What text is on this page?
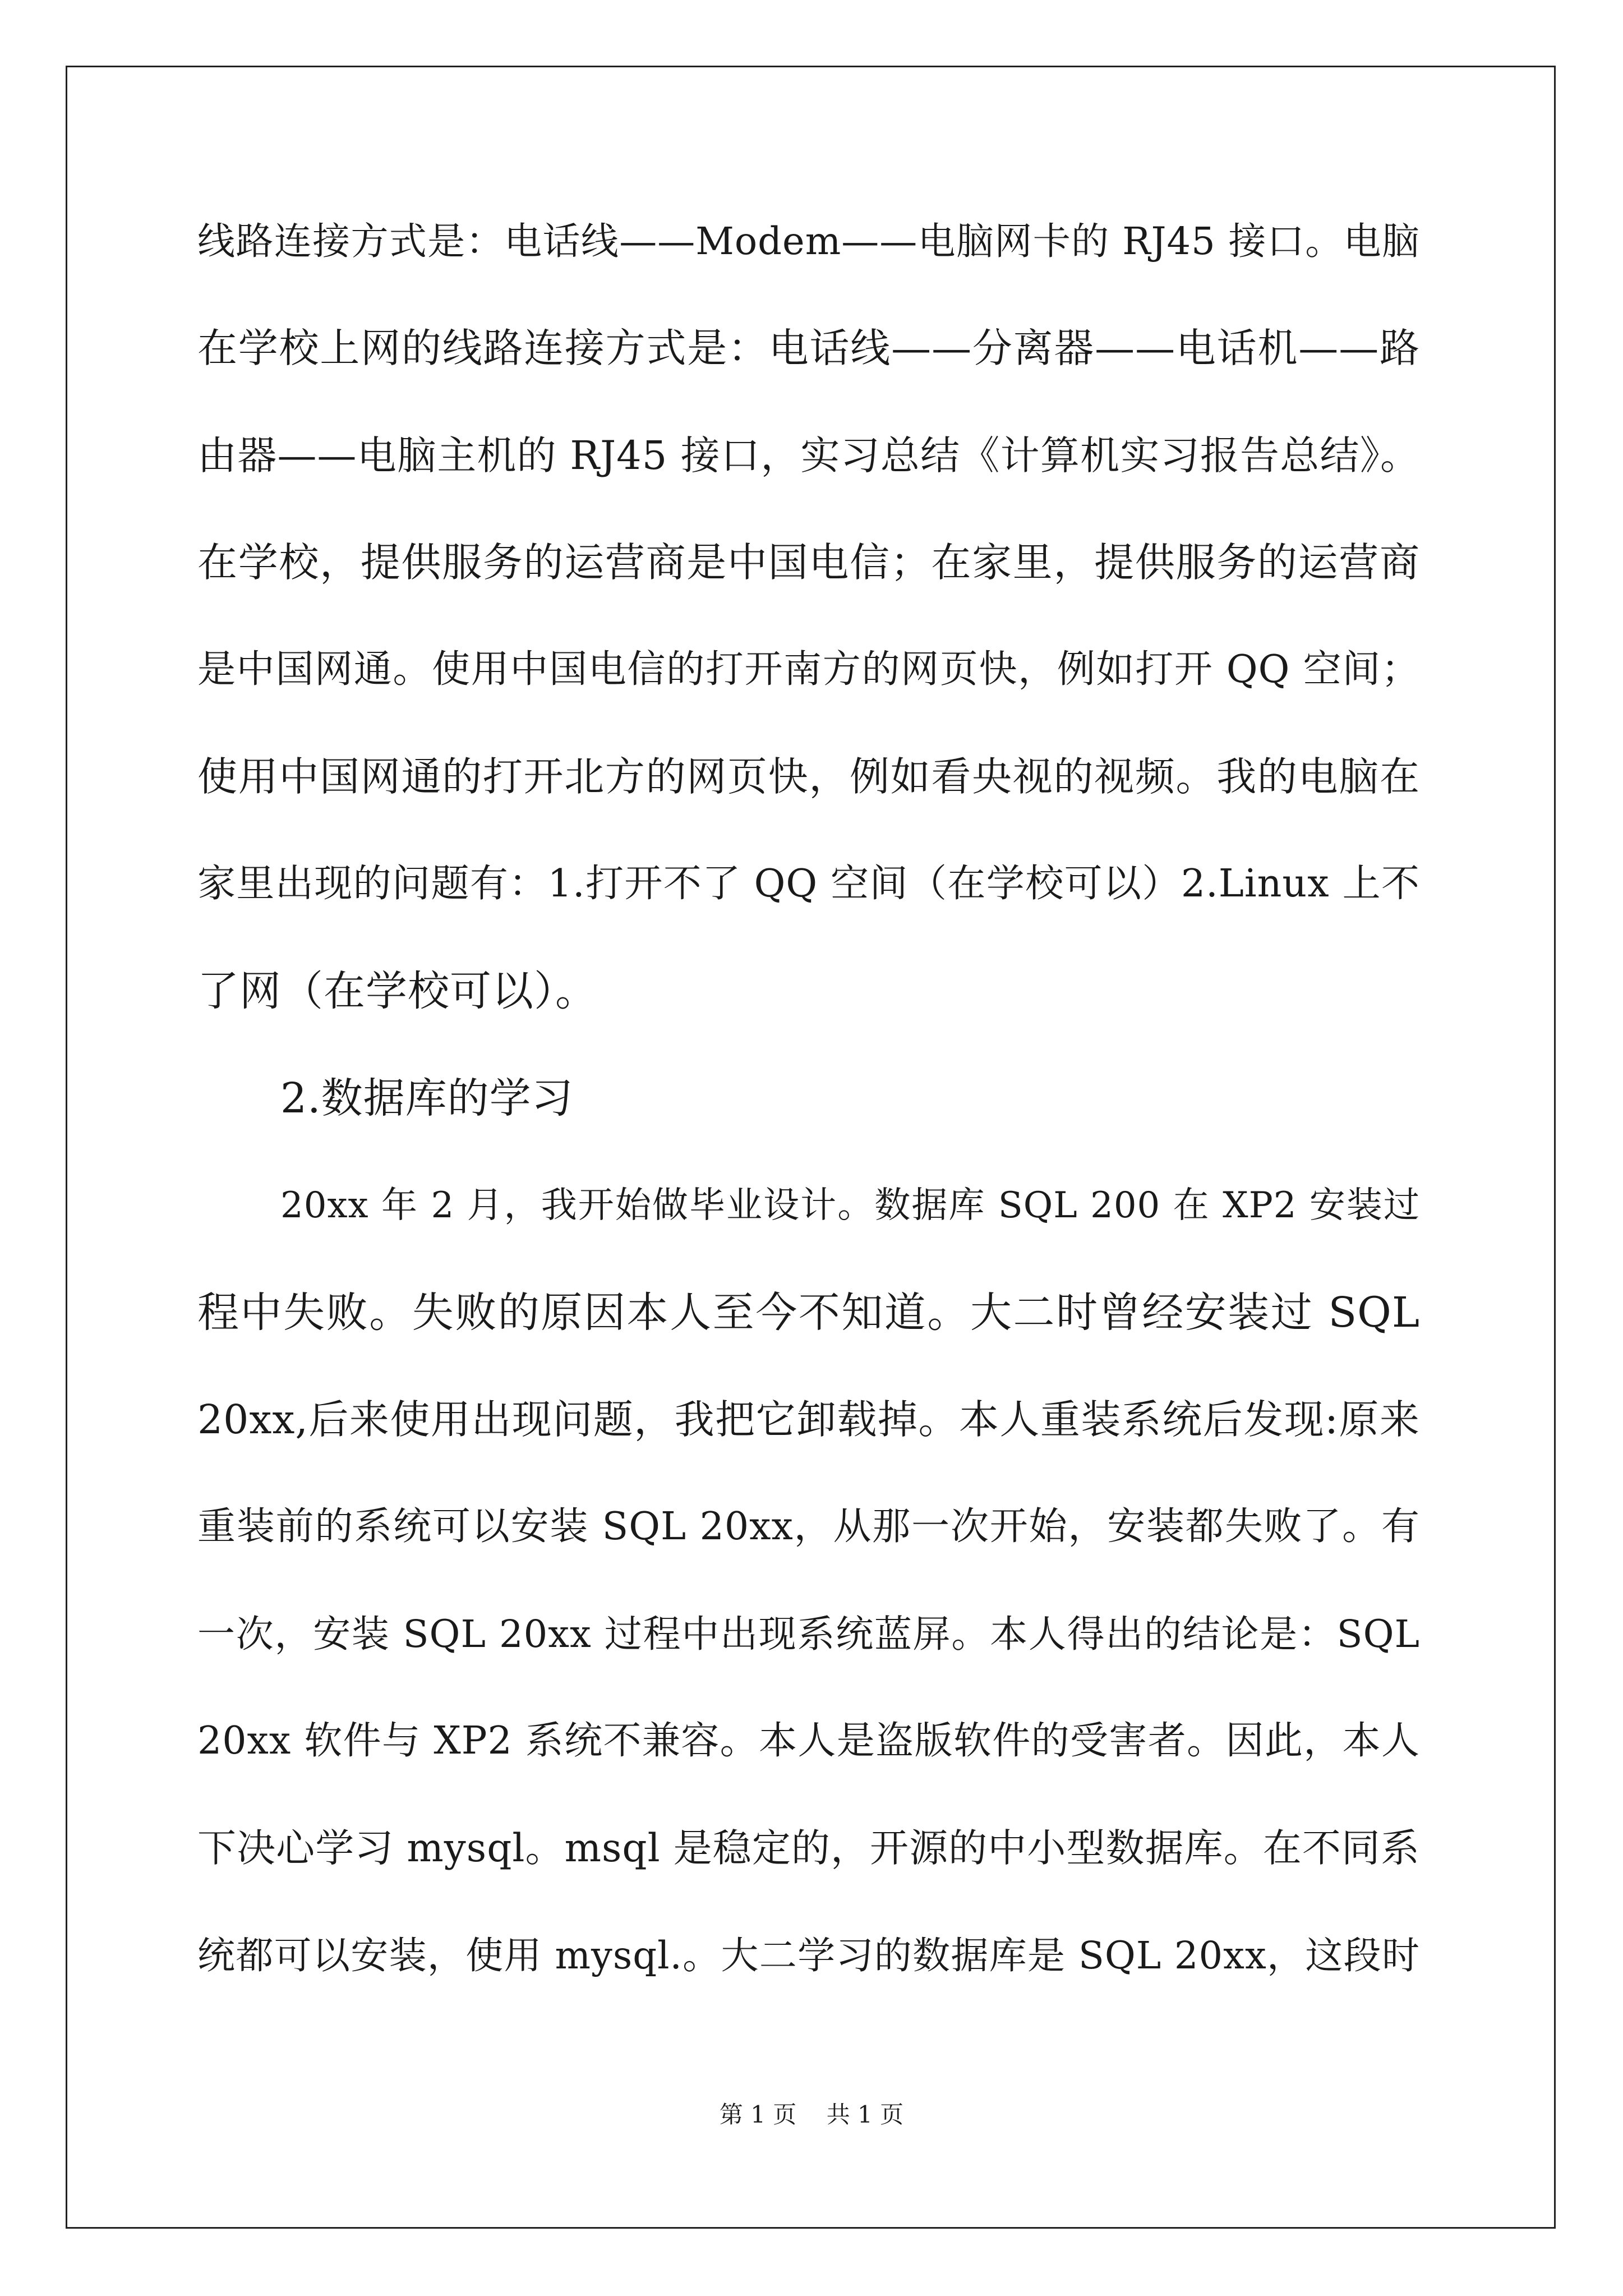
线路连接方式是：电话线——Modem——电脑网卡的 RJ45 接口。电脑
在学校上网的线路连接方式是：电话线——分离器——电话机——路
由器——电脑主机的 RJ45 接口，实习总结《计算机实习报告总结》。
在学校，提供服务的运营商是中国电信；在家里，提供服务的运营商
是中国网通。使用中国电信的打开南方的网页快，例如打开 QQ 空间；
使用中国网通的打开北方的网页快，例如看央视的视频。我的电脑在
家里出现的问题有：1.打开不了 QQ 空间（在学校可以）2.Linux 上不
了网（在学校可以）。
2.数据库的学习
20xx 年 2 月，我开始做毕业设计。数据库 SQL 200 在 XP2 安装过
程中失败。失败的原因本人至今不知道。大二时曾经安装过 SQL
20xx,后来使用出现问题，我把它卸载掉。本人重装系统后发现:原来
重装前的系统可以安装 SQL 20xx，从那一次开始，安装都失败了。有
一次，安装 SQL 20xx 过程中出现系统蓝屏。本人得出的结论是：SQL
20xx 软件与 XP2 系统不兼容。本人是盗版软件的受害者。因此，本人
下决心学习 mysql。msql 是稳定的，开源的中小型数据库。在不同系
统都可以安装，使用 mysql.。大二学习的数据库是 SQL 20xx，这段时
第 1 页    共 1 页
